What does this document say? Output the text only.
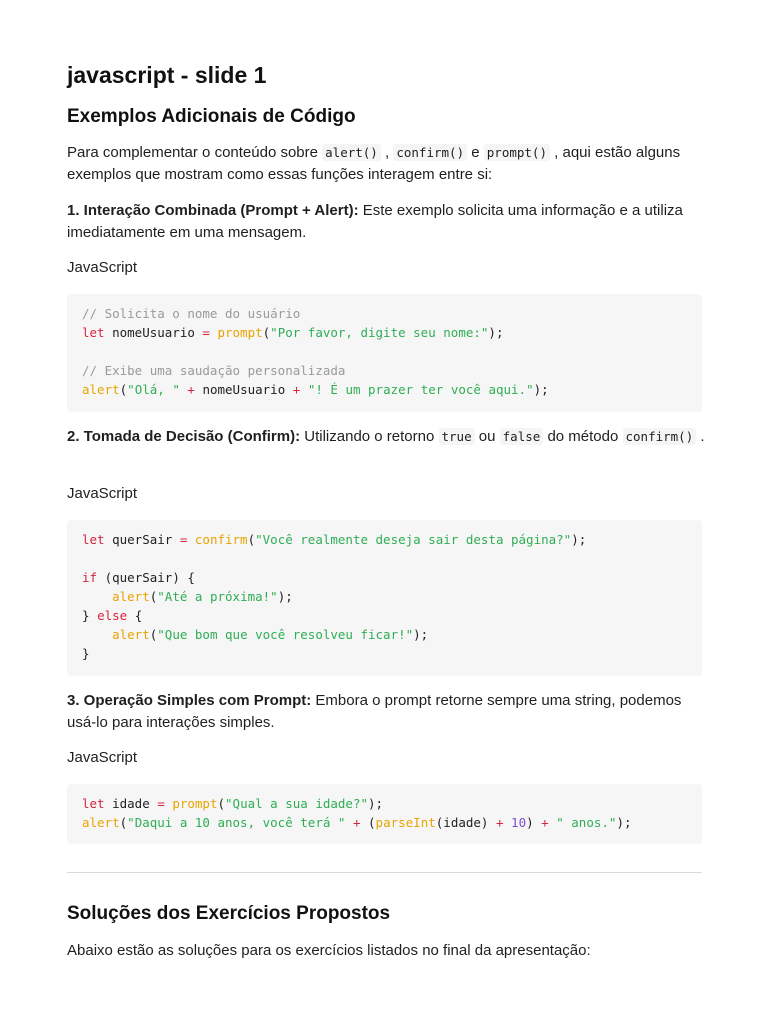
javascript - slide 1
Exemplos Adicionais de Código

Para complementar o conteúdo sobre alert() , confirm() e prompt() , aqui estão alguns exemplos que mostram como essas funções interagem entre si:

1. Interação Combinada (Prompt + Alert): Este exemplo solicita uma informação e a utiliza imediatamente em uma mensagem.

JavaScript
// Solicita o nome do usuário
let nomeUsuario = prompt("Por favor, digite seu nome:");
// Exibe uma saudação personalizada
alert("Olá, " + nomeUsuario + "! É um prazer ter você aqui.");

2. Tomada de Decisão (Confirm): Utilizando o retorno true ou false do método confirm() .

JavaScript
let querSair = confirm("Você realmente deseja sair desta página?");
if (querSair) {
alert("Até a próxima!");
} else {
alert("Que bom que você resolveu ficar!");
}

3. Operação Simples com Prompt: Embora o prompt retorne sempre uma string, podemos usá-lo para interações simples.

JavaScript
let idade = prompt("Qual a sua idade?");
alert("Daqui a 10 anos, você terá " + (parseInt(idade) + 10) + " anos.");
Soluções dos Exercícios Propostos

Abaixo estão as soluções para os exercícios listados no final da apresentação:
